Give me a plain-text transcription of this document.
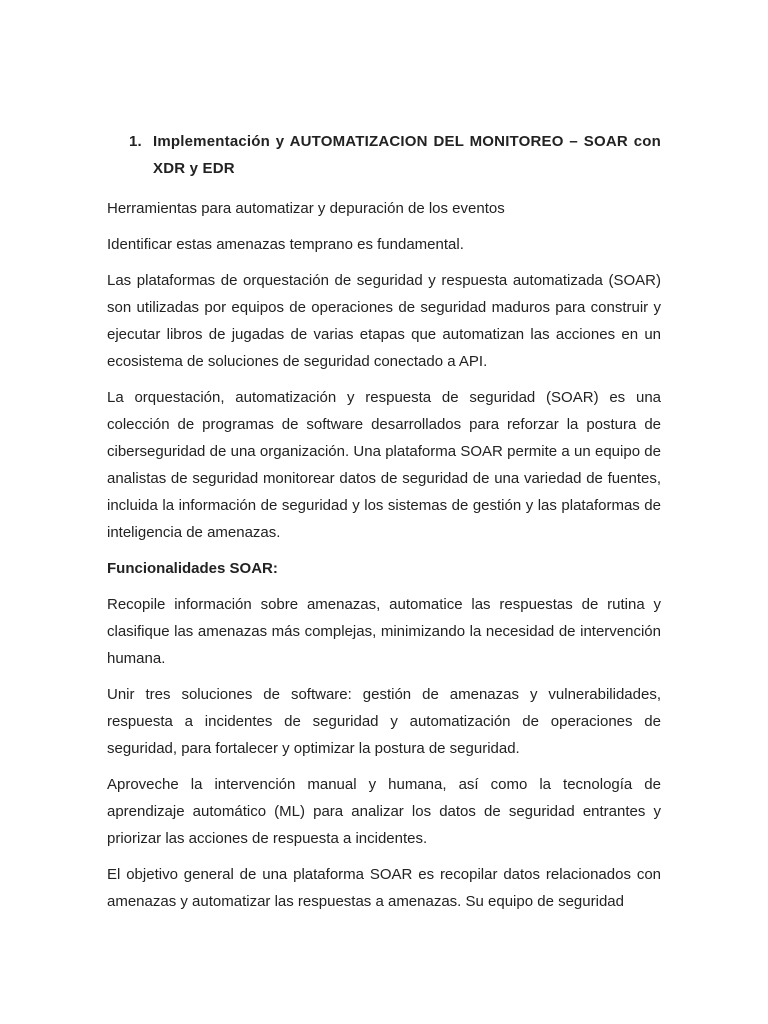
1. Implementación y AUTOMATIZACION DEL MONITOREO – SOAR con XDR y EDR

Herramientas para automatizar y depuración de los eventos

Identificar estas amenazas temprano es fundamental.

Las plataformas de orquestación de seguridad y respuesta automatizada (SOAR) son utilizadas por equipos de operaciones de seguridad maduros para construir y ejecutar libros de jugadas de varias etapas que automatizan las acciones en un ecosistema de soluciones de seguridad conectado a API.

La orquestación, automatización y respuesta de seguridad (SOAR) es una colección de programas de software desarrollados para reforzar la postura de ciberseguridad de una organización. Una plataforma SOAR permite a un equipo de analistas de seguridad monitorear datos de seguridad de una variedad de fuentes, incluida la información de seguridad y los sistemas de gestión y las plataformas de inteligencia de amenazas.

Funcionalidades SOAR:

Recopile información sobre amenazas, automatice las respuestas de rutina y clasifique las amenazas más complejas, minimizando la necesidad de intervención humana.

Unir tres soluciones de software: gestión de amenazas y vulnerabilidades, respuesta a incidentes de seguridad y automatización de operaciones de seguridad, para fortalecer y optimizar la postura de seguridad.

Aproveche la intervención manual y humana, así como la tecnología de aprendizaje automático (ML) para analizar los datos de seguridad entrantes y priorizar las acciones de respuesta a incidentes.

El objetivo general de una plataforma SOAR es recopilar datos relacionados con amenazas y automatizar las respuestas a amenazas. Su equipo de seguridad
